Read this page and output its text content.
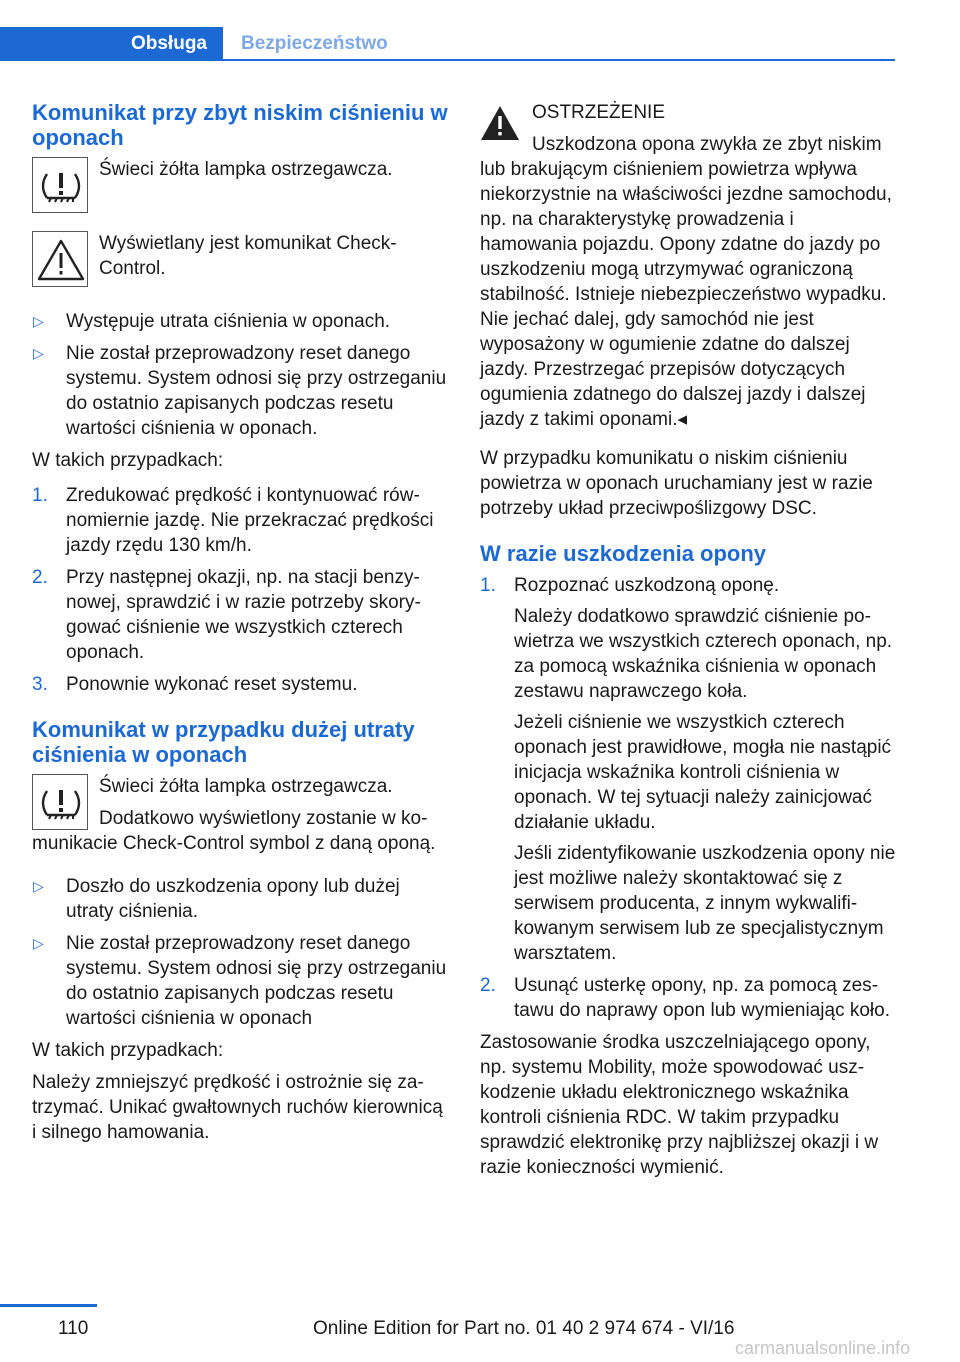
Obsługa	Bezpieczeństwo
Komunikat przy zbyt niskim ciśnieniu w oponach

Świeci żółta lampka ostrzegawcza.

Wyświetlany jest komunikat Check-Control.

▷ Występuje utrata ciśnienia w oponach.
▷ Nie został przeprowadzony reset danego systemu. System odnosi się przy ostrzeganiu do ostatnio zapisanych podczas resetu wartości ciśnienia w oponach.

W takich przypadkach:

1. Zredukować prędkość i kontynuować równomiernie jazdę. Nie przekraczać prędkości jazdy rzędu 130 km/h.
2. Przy następnej okazji, np. na stacji benzynowej, sprawdzić i w razie potrzeby skorygować ciśnienie we wszystkich czterech oponach.
3. Ponownie wykonać reset systemu.
Komunikat w przypadku dużej utraty ciśnienia w oponach

Świeci żółta lampka ostrzegawcza.

Dodatkowo wyświetlony zostanie w komunikacie Check-Control symbol z daną oponą.

▷ Doszło do uszkodzenia opony lub dużej utraty ciśnienia.
▷ Nie został przeprowadzony reset danego systemu. System odnosi się przy ostrzeganiu do ostatnio zapisanych podczas resetu wartości ciśnienia w oponach

W takich przypadkach:

Należy zmniejszyć prędkość i ostrożnie się zatrzymać. Unikać gwałtownych ruchów kierownicą i silnego hamowania.

OSTRZEŻENIE

Uszkodzona opona zwykła ze zbyt niskim
lub brakującym ciśnieniem powietrza wpływa niekorzystnie na właściwości jezdne samochodu, np. na charakterystykę prowadzenia i hamowania pojazdu. Opony zdatne do jazdy po uszkodzeniu mogą utrzymywać ograniczoną stabilność. Istnieje niebezpieczeństwo wypadku. Nie jechać dalej, gdy samochód nie jest wyposażony w ogumienie zdatne do dalszej jazdy. Przestrzegać przepisów dotyczących ogumienia zdatnego do dalszej jazdy i dalszej jazdy z takimi oponami.◂

W przypadku komunikatu o niskim ciśnieniu powietrza w oponach uruchamiany jest w razie potrzeby układ przeciwpoślizgowy DSC.

W razie uszkodzenia opony
1. Rozpoznać uszkodzoną oponę.

Należy dodatkowo sprawdzić ciśnienie powietrza we wszystkich czterech oponach, np. za pomocą wskaźnika ciśnienia w oponach zestawu naprawczego koła.

Jeżeli ciśnienie we wszystkich czterech oponach jest prawidłowe, mogła nie nastąpić inicjacja wskaźnika kontroli ciśnienia w oponach. W tej sytuacji należy zainicjować działanie układu.

Jeśli zidentyfikowanie uszkodzenia opony nie jest możliwe należy skontaktować się z serwisem producenta, z innym wykwalifikowanym serwisem lub ze specjalistycznym warsztatem.

2. Usunąć usterkę opony, np. za pomocą zestawu do naprawy opon lub wymieniając koło.

Zastosowanie środka uszczelniającego opony, np. systemu Mobility, może spowodować uszkodzenie układu elektronicznego wskaźnika kontroli ciśnienia RDC. W takim przypadku sprawdzić elektronikę przy najbliższej okazji i w razie konieczności wymienić.

110	Online Edition for Part no. 01 40 2 974 674 - VI/16
carmanualsonline.info
